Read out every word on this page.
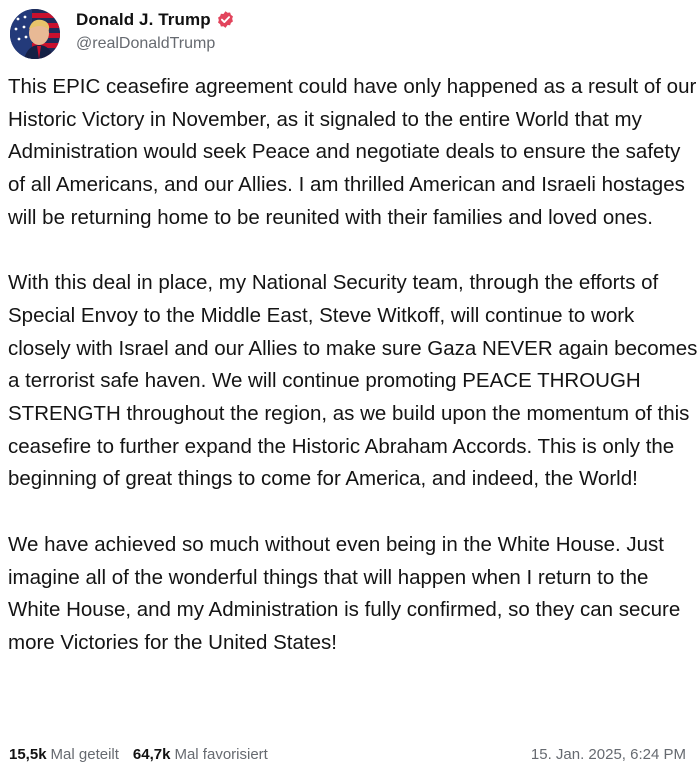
Donald J. Trump
@realDonaldTrump

This EPIC ceasefire agreement could have only happened as a result of our Historic Victory in November, as it signaled to the entire World that my Administration would seek Peace and negotiate deals to ensure the safety of all Americans, and our Allies. I am thrilled American and Israeli hostages will be returning home to be reunited with their families and loved ones.

With this deal in place, my National Security team, through the efforts of Special Envoy to the Middle East, Steve Witkoff, will continue to work closely with Israel and our Allies to make sure Gaza NEVER again becomes a terrorist safe haven. We will continue promoting PEACE THROUGH STRENGTH throughout the region, as we build upon the momentum of this ceasefire to further expand the Historic Abraham Accords. This is only the beginning of great things to come for America, and indeed, the World!

We have achieved so much without even being in the White House. Just imagine all of the wonderful things that will happen when I return to the White House, and my Administration is fully confirmed, so they can secure more Victories for the United States!

15,5k Mal geteilt 64,7k Mal favorisiert	15. Jan. 2025, 6:24 PM
